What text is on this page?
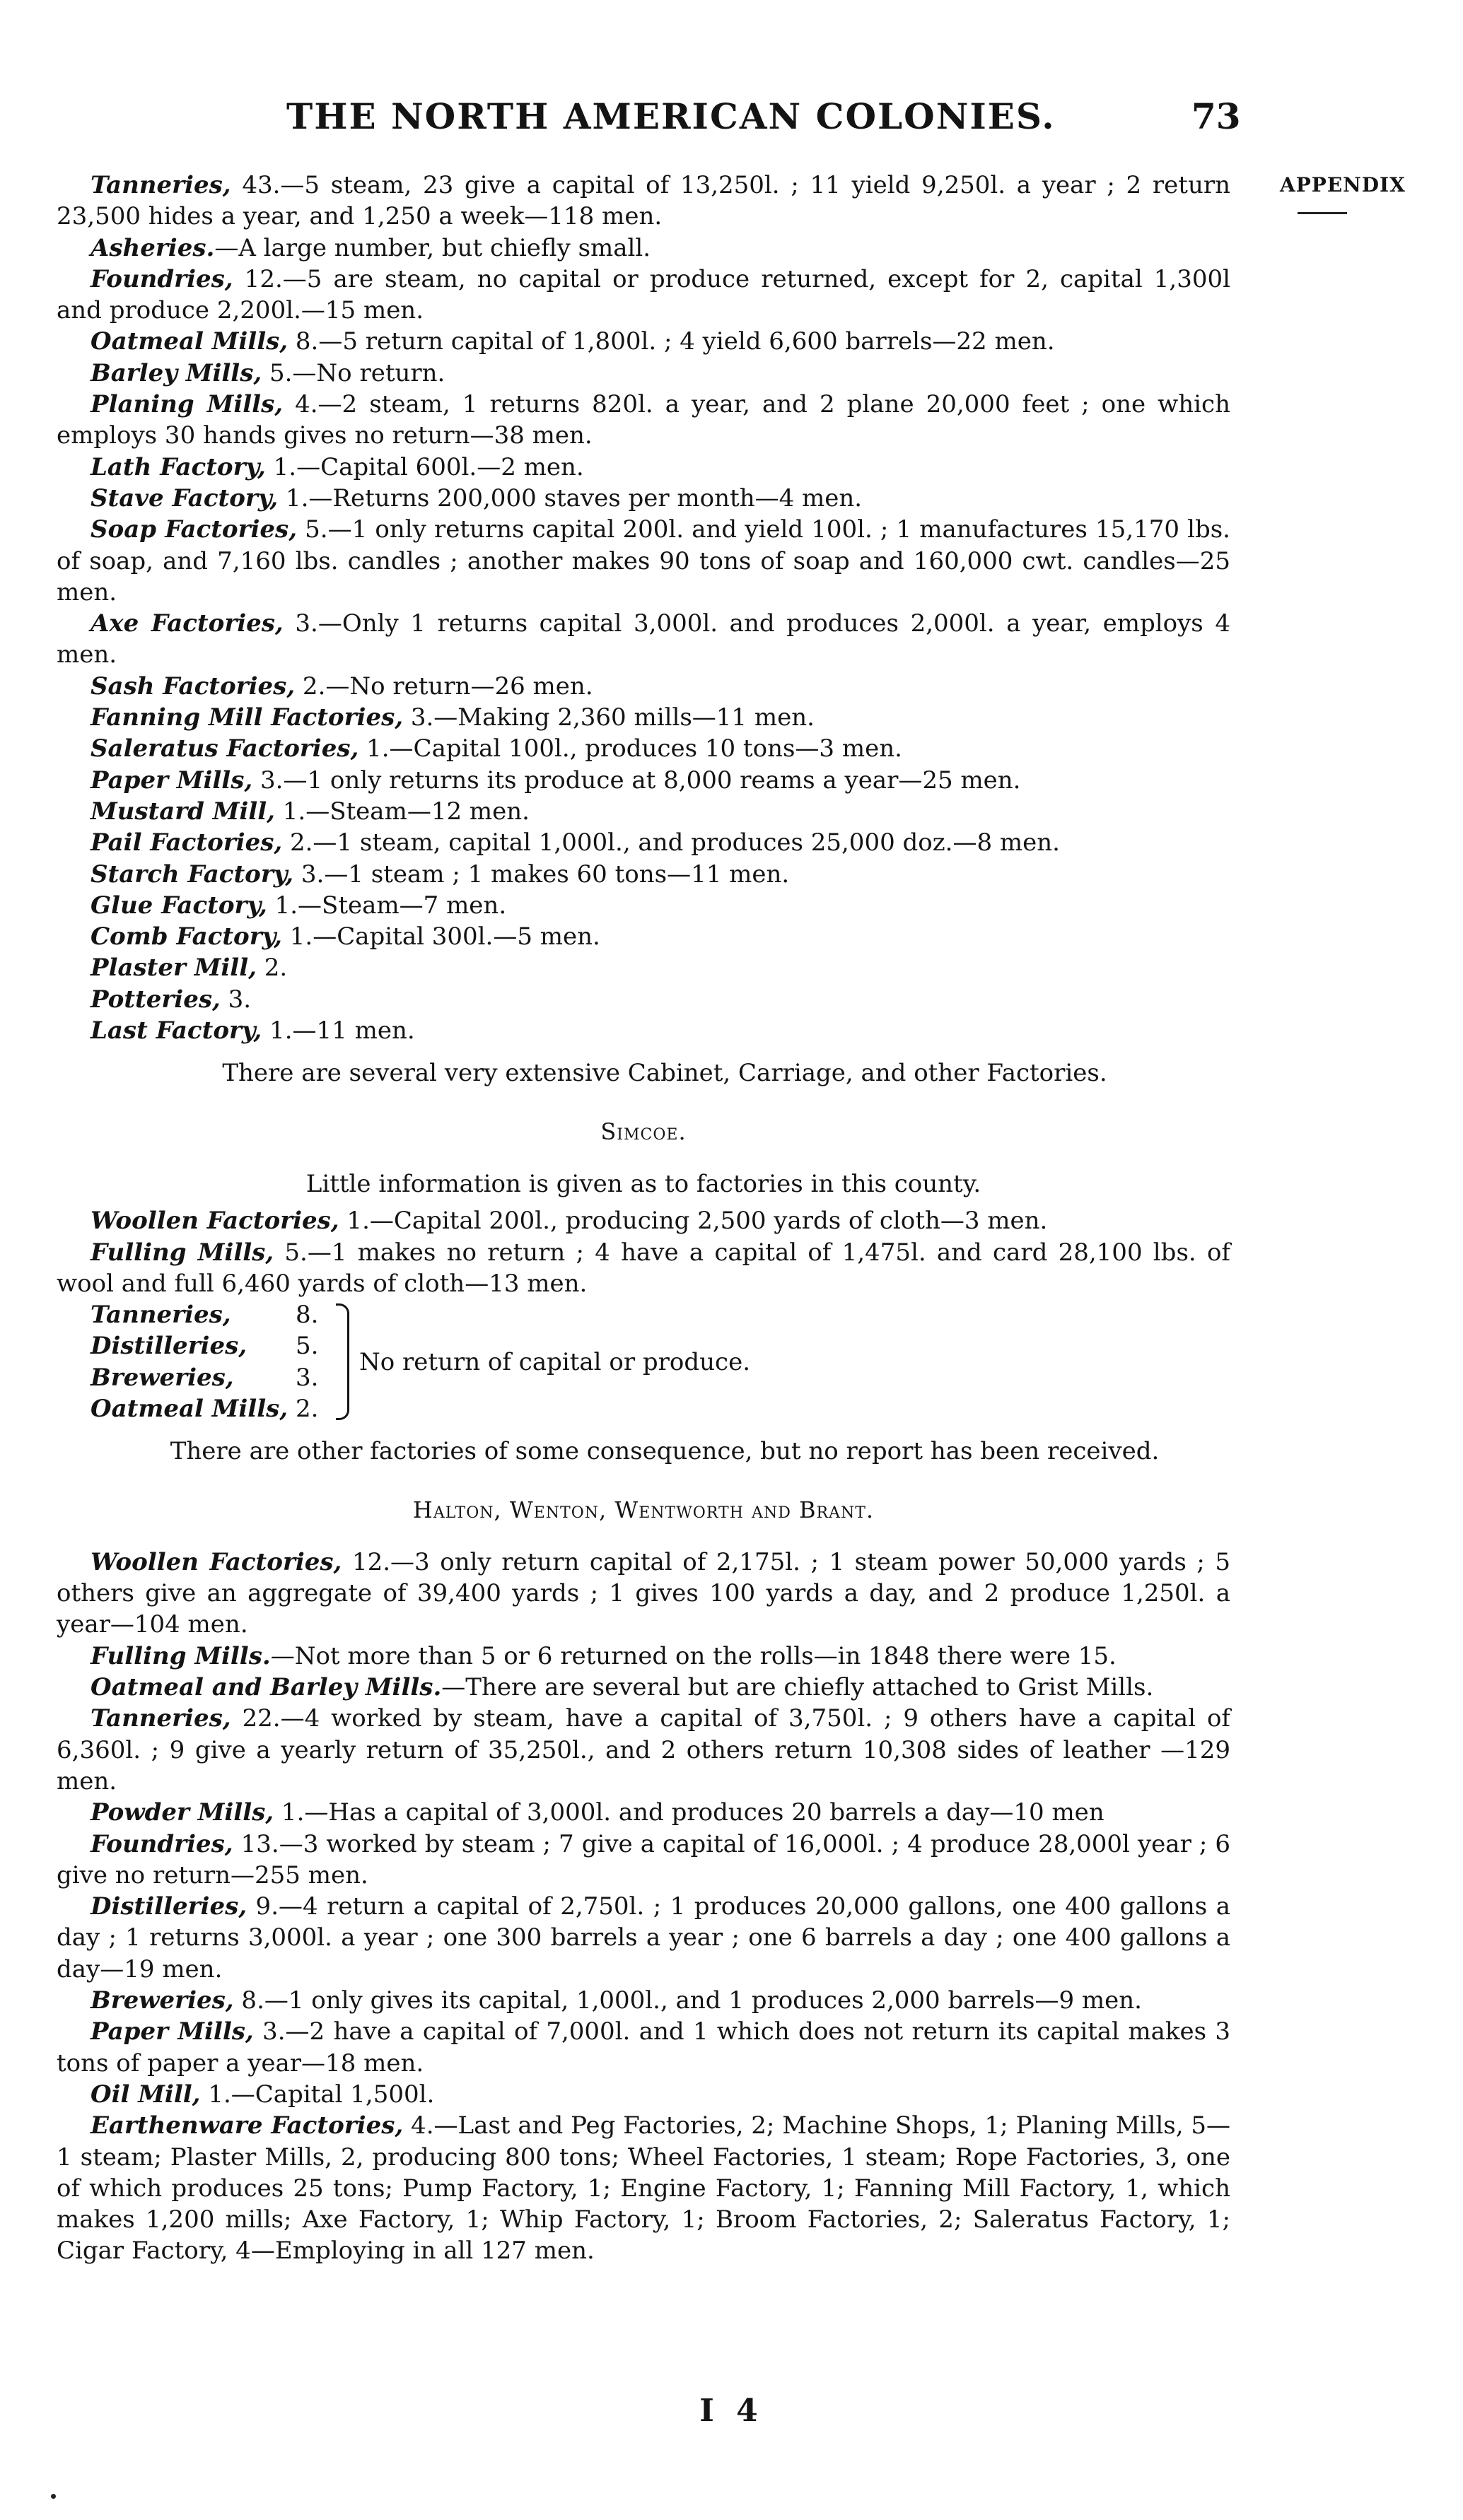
THE NORTH AMERICAN COLONIES.	73
APPENDIX

Tanneries, 43.—5 steam, 23 give a capital of 13,250l. ; 11 yield 9,250l. a year ; 2 return 23,500 hides a year, and 1,250 a week—118 men.

Asheries.—A large number, but chiefly small.

Foundries, 12.—5 are steam, no capital or produce returned, except for 2, capital 1,300l and produce 2,200l.—15 men.

Oatmeal Mills, 8.—5 return capital of 1,800l. ; 4 yield 6,600 barrels—22 men.

Barley Mills, 5.—No return.

Planing Mills, 4.—2 steam, 1 returns 820l. a year, and 2 plane 20,000 feet ; one which employs 30 hands gives no return—38 men.

Lath Factory, 1.—Capital 600l.—2 men.

Stave Factory, 1.—Returns 200,000 staves per month—4 men.

Soap Factories, 5.—1 only returns capital 200l. and yield 100l. ; 1 manufactures 15,170 lbs. of soap, and 7,160 lbs. candles ; another makes 90 tons of soap and 160,000 cwt. candles—25 men.

Axe Factories, 3.—Only 1 returns capital 3,000l. and produces 2,000l. a year, employs 4 men.

Sash Factories, 2.—No return—26 men.

Fanning Mill Factories, 3.—Making 2,360 mills—11 men.

Saleratus Factories, 1.—Capital 100l., produces 10 tons—3 men.

Paper Mills, 3.—1 only returns its produce at 8,000 reams a year—25 men.

Mustard Mill, 1.—Steam—12 men.

Pail Factories, 2.—1 steam, capital 1,000l., and produces 25,000 doz.—8 men.

Starch Factory, 3.—1 steam ; 1 makes 60 tons—11 men.

Glue Factory, 1.—Steam—7 men.

Comb Factory, 1.—Capital 300l.—5 men.

Plaster Mill, 2.

Potteries, 3.

Last Factory, 1.—11 men.

There are several very extensive Cabinet, Carriage, and other Factories.

Simcoe.

Little information is given as to factories in this county.

Woollen Factories, 1.—Capital 200l., producing 2,500 yards of cloth—3 men.

Fulling Mills, 5.—1 makes no return ; 4 have a capital of 1,475l. and card 28,100 lbs. of wool and full 6,460 yards of cloth—13 men.

Tanneries,	8.
Distilleries,	5.
Breweries,	3.
Oatmeal Mills, 2.
No return of capital or produce.

There are other factories of some consequence, but no report has been received.

Halton, Wenton, Wentworth and Brant.

Woollen Factories, 12.—3 only return capital of 2,175l. ; 1 steam power 50,000 yards ; 5 others give an aggregate of 39,400 yards ; 1 gives 100 yards a day, and 2 produce 1,250l. a year—104 men.

Fulling Mills.—Not more than 5 or 6 returned on the rolls—in 1848 there were 15.

Oatmeal and Barley Mills.—There are several but are chiefly attached to Grist Mills.

Tanneries, 22.—4 worked by steam, have a capital of 3,750l. ; 9 others have a capital of 6,360l. ; 9 give a yearly return of 35,250l., and 2 others return 10,308 sides of leather —129 men.

Powder Mills, 1.—Has a capital of 3,000l. and produces 20 barrels a day—10 men

Foundries, 13.—3 worked by steam ; 7 give a capital of 16,000l. ; 4 produce 28,000l year ; 6 give no return—255 men.

Distilleries, 9.—4 return a capital of 2,750l. ; 1 produces 20,000 gallons, one 400 gallons a day ; 1 returns 3,000l. a year ; one 300 barrels a year ; one 6 barrels a day ; one 400 gallons a day—19 men.

Breweries, 8.—1 only gives its capital, 1,000l., and 1 produces 2,000 barrels—9 men.

Paper Mills, 3.—2 have a capital of 7,000l. and 1 which does not return its capital makes 3 tons of paper a year—18 men.

Oil Mill, 1.—Capital 1,500l.

Earthenware Factories, 4.—Last and Peg Factories, 2; Machine Shops, 1; Planing Mills, 5—1 steam; Plaster Mills, 2, producing 800 tons; Wheel Factories, 1 steam; Rope Factories, 3, one of which produces 25 tons; Pump Factory, 1; Engine Factory, 1; Fanning Mill Factory, 1, which makes 1,200 mills; Axe Factory, 1; Whip Factory, 1; Broom Factories, 2; Saleratus Factory, 1; Cigar Factory, 4—Employing in all 127 men.

I 4
